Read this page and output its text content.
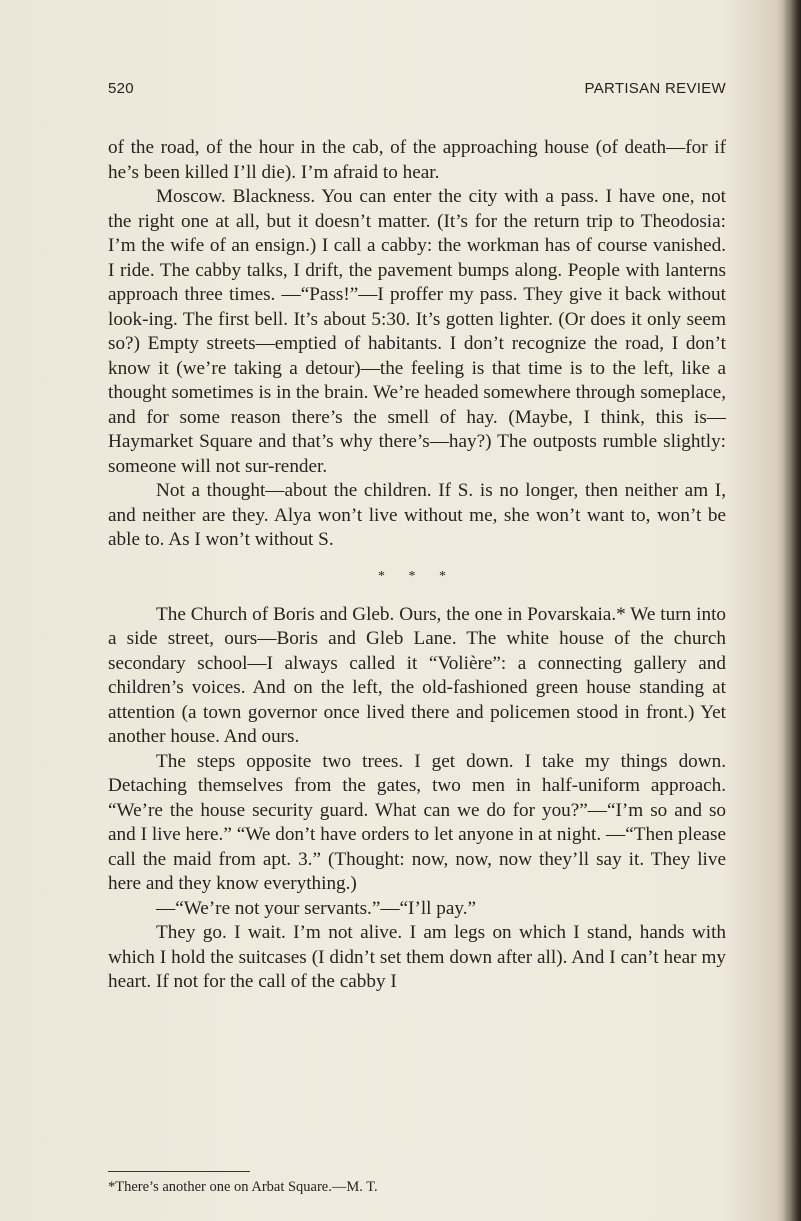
520	PARTISAN REVIEW

of the road, of the hour in the cab, of the approaching house (of death—for if he’s been killed I’ll die). I’m afraid to hear.

Moscow. Blackness. You can enter the city with a pass. I have one, not the right one at all, but it doesn’t matter. (It’s for the return trip to Theodosia: I’m the wife of an ensign.) I call a cabby: the workman has of course vanished. I ride. The cabby talks, I drift, the pavement bumps along. People with lanterns approach three times. —“Pass!”—I proffer my pass. They give it back without look-ing. The first bell. It’s about 5:30. It’s gotten lighter. (Or does it only seem so?) Empty streets—emptied of habitants. I don’t recognize the road, I don’t know it (we’re taking a detour)—the feeling is that time is to the left, like a thought sometimes is in the brain. We’re headed somewhere through someplace, and for some reason there’s the smell of hay. (Maybe, I think, this is—Haymarket Square and that’s why there’s—hay?) The outposts rumble slightly: someone will not sur-render.

Not a thought—about the children. If S. is no longer, then neither am I, and neither are they. Alya won’t live without me, she won’t want to, won’t be able to. As I won’t without S.

* * *

The Church of Boris and Gleb. Ours, the one in Povarskaia.* We turn into a side street, ours—Boris and Gleb Lane. The white house of the church secondary school—I always called it “Volière”: a connecting gallery and children’s voices. And on the left, the old-fashioned green house standing at attention (a town governor once lived there and policemen stood in front.) Yet another house. And ours.

The steps opposite two trees. I get down. I take my things down. Detaching themselves from the gates, two men in half-uniform approach. “We’re the house security guard. What can we do for you?”—“I’m so and so and I live here.” “We don’t have orders to let anyone in at night. —“Then please call the maid from apt. 3.” (Thought: now, now, now they’ll say it. They live here and they know everything.)

—“We’re not your servants.”—“I’ll pay.”

They go. I wait. I’m not alive. I am legs on which I stand, hands with which I hold the suitcases (I didn’t set them down after all). And I can’t hear my heart. If not for the call of the cabby I

*There’s another one on Arbat Square.—M. T.
